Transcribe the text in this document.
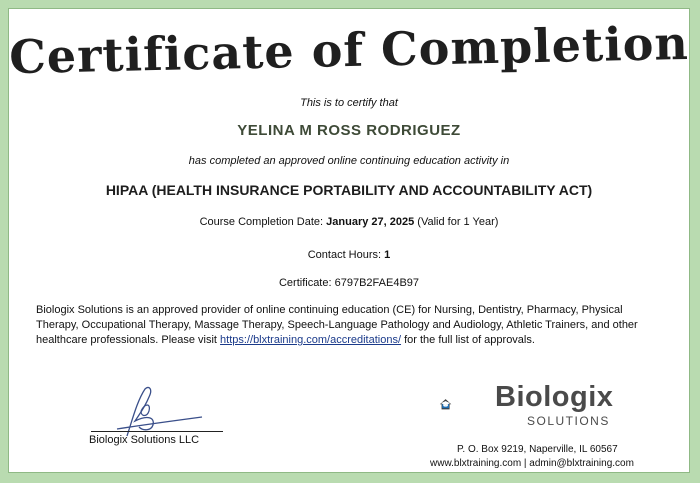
Certificate of Completion
This is to certify that
YELINA M ROSS RODRIGUEZ
has completed an approved online continuing education activity in
HIPAA (HEALTH INSURANCE PORTABILITY AND ACCOUNTABILITY ACT)
Course Completion Date: January 27, 2025 (Valid for 1 Year)
Contact Hours: 1
Certificate: 6797B2FAE4B97
Biologix Solutions is an approved provider of online continuing education (CE) for Nursing, Dentistry, Pharmacy, Physical Therapy, Occupational Therapy, Massage Therapy, Speech-Language Pathology and Audiology, Athletic Trainers, and other healthcare professionals. Please visit https://blxtraining.com/accreditations/ for the full list of approvals.
Biologix Solutions LLC
Biologix
SOLUTIONS
P. O. Box 9219, Naperville, IL 60567
www.blxtraining.com | admin@blxtraining.com
